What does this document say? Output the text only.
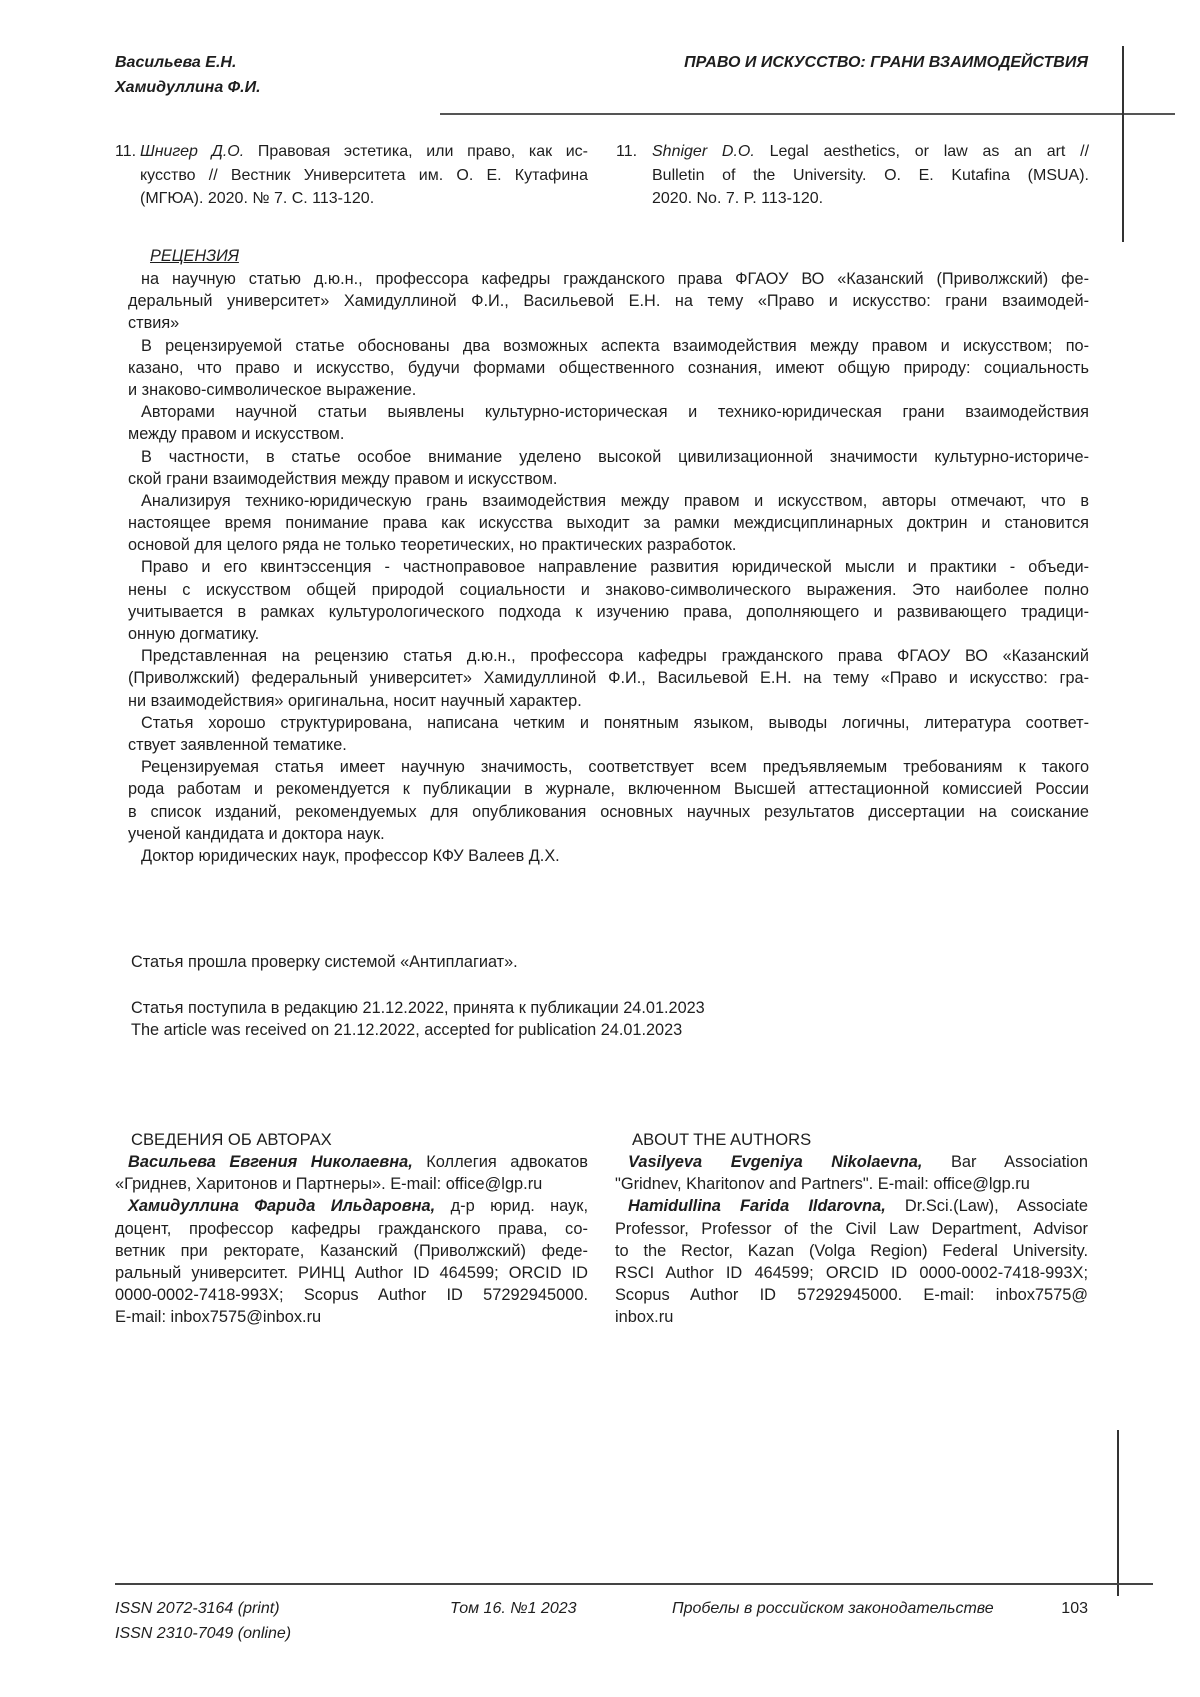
Васильева Е.Н.
Хамидуллина Ф.И.
ПРАВО И ИСКУССТВО: ГРАНИ ВЗАИМОДЕЙСТВИЯ
11. Шнигер Д.О. Правовая эстетика, или право, как ис-
кусство // Вестник Университета им. О. Е. Кутафина
(МГЮА). 2020. № 7. С. 113-120.
11. Shniger D.O. Legal aesthetics, or law as an art //
Bulletin of the University. O. E. Kutafina (MSUA).
2020. No. 7. P. 113-120.
РЕЦЕНЗИЯ
на научную статью д.ю.н., профессора кафедры гражданского права ФГАОУ ВО «Казанский (Приволжский) фе-
деральный университет» Хамидуллиной Ф.И., Васильевой Е.Н. на тему «Право и искусство: грани взаимодей-
ствия»
В рецензируемой статье обоснованы два возможных аспекта взаимодействия между правом и искусством; по-
казано, что право и искусство, будучи формами общественного сознания, имеют общую природу: социальность
и знаково-символическое выражение.
Авторами научной статьи выявлены культурно-историческая и технико-юридическая грани взаимодействия
между правом и искусством.
В частности, в статье особое внимание уделено высокой цивилизационной значимости культурно-историче-
ской грани взаимодействия между правом и искусством.
Анализируя технико-юридическую грань взаимодействия между правом и искусством, авторы отмечают, что в
настоящее время понимание права как искусства выходит за рамки междисциплинарных доктрин и становится
основой для целого ряда не только теоретических, но практических разработок.
Право и его квинтэссенция - частноправовое направление развития юридической мысли и практики - объеди-
нены с искусством общей природой социальности и знаково-символического выражения. Это наиболее полно
учитывается в рамках культурологического подхода к изучению права, дополняющего и развивающего традици-
онную догматику.
Представленная на рецензию статья д.ю.н., профессора кафедры гражданского права ФГАОУ ВО «Казанский
(Приволжский) федеральный университет» Хамидуллиной Ф.И., Васильевой Е.Н. на тему «Право и искусство: гра-
ни взаимодействия» оригинальна, носит научный характер.
Статья хорошо структурирована, написана четким и понятным языком, выводы логичны, литература соответ-
ствует заявленной тематике.
Рецензируемая статья имеет научную значимость, соответствует всем предъявляемым требованиям к такого
рода работам и рекомендуется к публикации в журнале, включенном Высшей аттестационной комиссией России
в список изданий, рекомендуемых для опубликования основных научных результатов диссертации на соискание
ученой кандидата и доктора наук.
Доктор юридических наук, профессор КФУ Валеев Д.Х.
Статья прошла проверку системой «Антиплагиат».
Статья поступила в редакцию 21.12.2022, принята к публикации 24.01.2023
The article was received on 21.12.2022, accepted for publication 24.01.2023
СВЕДЕНИЯ ОБ АВТОРАХ
Васильева Евгения Николаевна, Коллегия адвокатов
«Гриднев, Харитонов и Партнеры». E-mail: office@lgp.ru
Хамидуллина Фарида Ильдаровна, д-р юрид. наук,
доцент, профессор кафедры гражданского права, со-
ветник при ректорате, Казанский (Приволжский) феде-
ральный университет. РИНЦ Author ID 464599; ORCID ID
0000-0002-7418-993X; Scopus Author ID 57292945000.
E-mail: inbox7575@inbox.ru
ABOUT THE AUTHORS
Vasilyeva Evgeniya Nikolaevna, Bar Association
"Gridnev, Kharitonov and Partners". E-mail: office@lgp.ru
Hamidullina Farida Ildarovna, Dr.Sci.(Law), Associate
Professor, Professor of the Civil Law Department, Advisor
to the Rector, Kazan (Volga Region) Federal University.
RSCI Author ID 464599; ORCID ID 0000-0002-7418-993X;
Scopus Author ID 57292945000. E-mail: inbox7575@
inbox.ru
ISSN 2072-3164 (print)
ISSN 2310-7049 (online)
Том 16. №1 2023	Пробелы в российском законодательстве	103
